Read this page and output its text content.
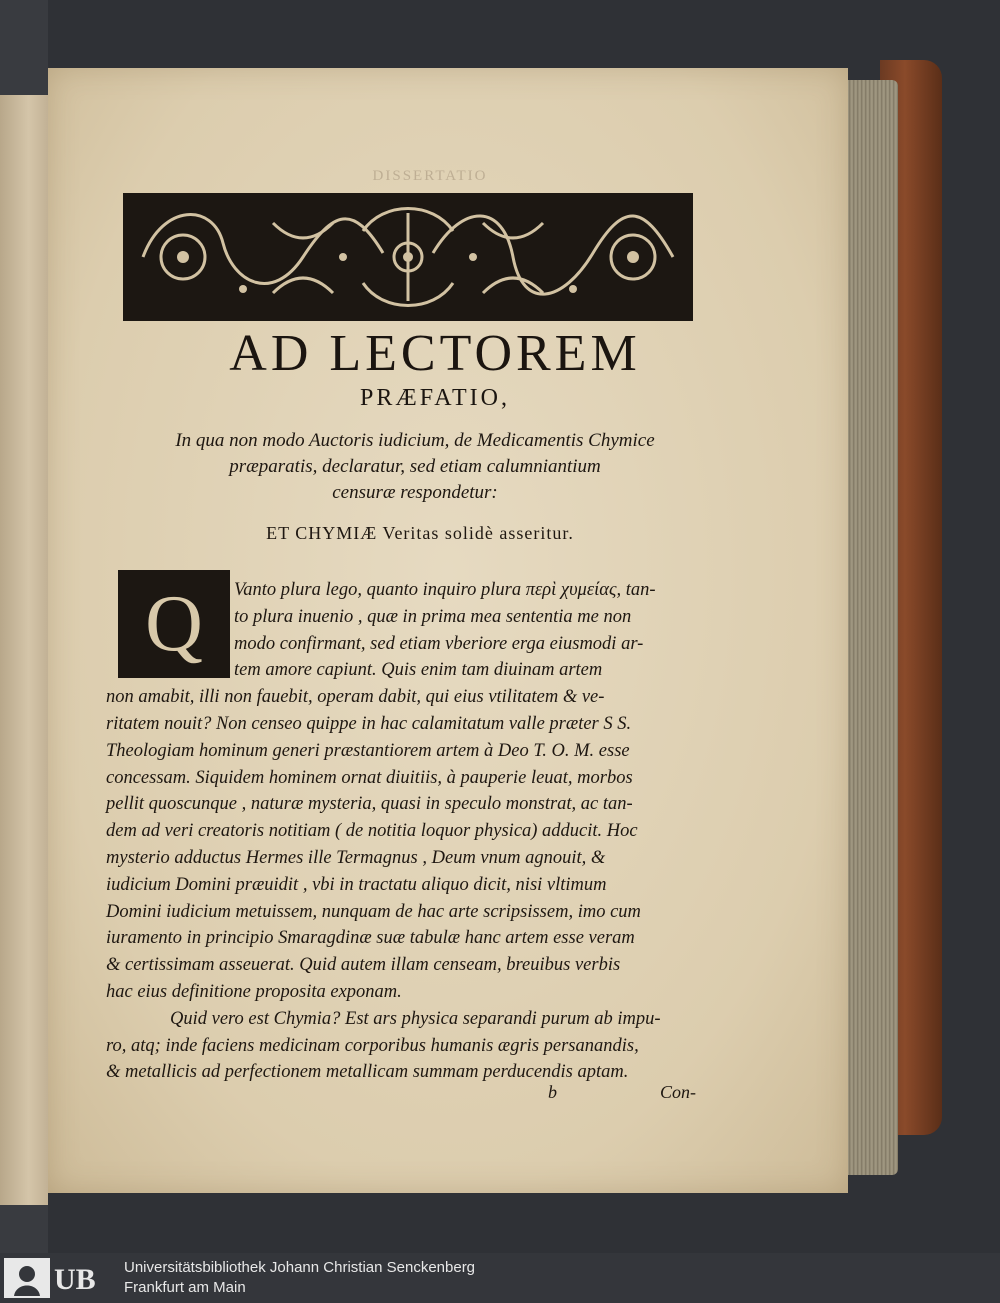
DISSERTATIO
AD LECTOREM
PRÆFATIO,
In qua non modo Auctoris iudicium, de Medicamentis Chymice
præparatis, declaratur, sed etiam calumniantium
censuræ respondetur:
ET CHYMIÆ Veritas solidè asseritur.
Vanto plura lego, quanto inquiro plura περὶ χυμείας, tan-
to plura inuenio , quæ in prima mea sententia me non
modo confirmant, sed etiam vberiore erga eiusmodi ar-
tem amore capiunt. Quis enim tam diuinam artem
non amabit, illi non fauebit, operam dabit, qui eius vtilitatem & ve-
ritatem nouit? Non censeo quippe in hac calamitatum valle præter S S.
Theologiam hominum generi præstantiorem artem à Deo T. O. M. esse
concessam. Siquidem hominem ornat diuitiis, à pauperie leuat, morbos
pellit quoscunque , naturæ mysteria, quasi in speculo monstrat, ac tan-
dem ad veri creatoris notitiam ( de notitia loquor physica) adducit. Hoc
mysterio adductus Hermes ille Termagnus , Deum vnum agnouit, &
iudicium Domini præuidit , vbi in tractatu aliquo dicit, nisi vltimum
Domini iudicium metuissem, nunquam de hac arte scripsissem, imo cum
iuramento in principio Smaragdinæ suæ tabulæ hanc artem esse veram
& certissimam asseuerat. Quid autem illam censeam, breuibus verbis
hac eius definitione proposita exponam.
Quid vero est Chymia? Est ars physica separandi purum ab impu-
ro, atq; inde faciens medicinam corporibus humanis ægris persanandis,
& metallicis ad perfectionem metallicam summam perducendis aptam.
Q
b	Con-
UB Universitätsbibliothek Johann Christian Senckenberg
Frankfurt am Main
